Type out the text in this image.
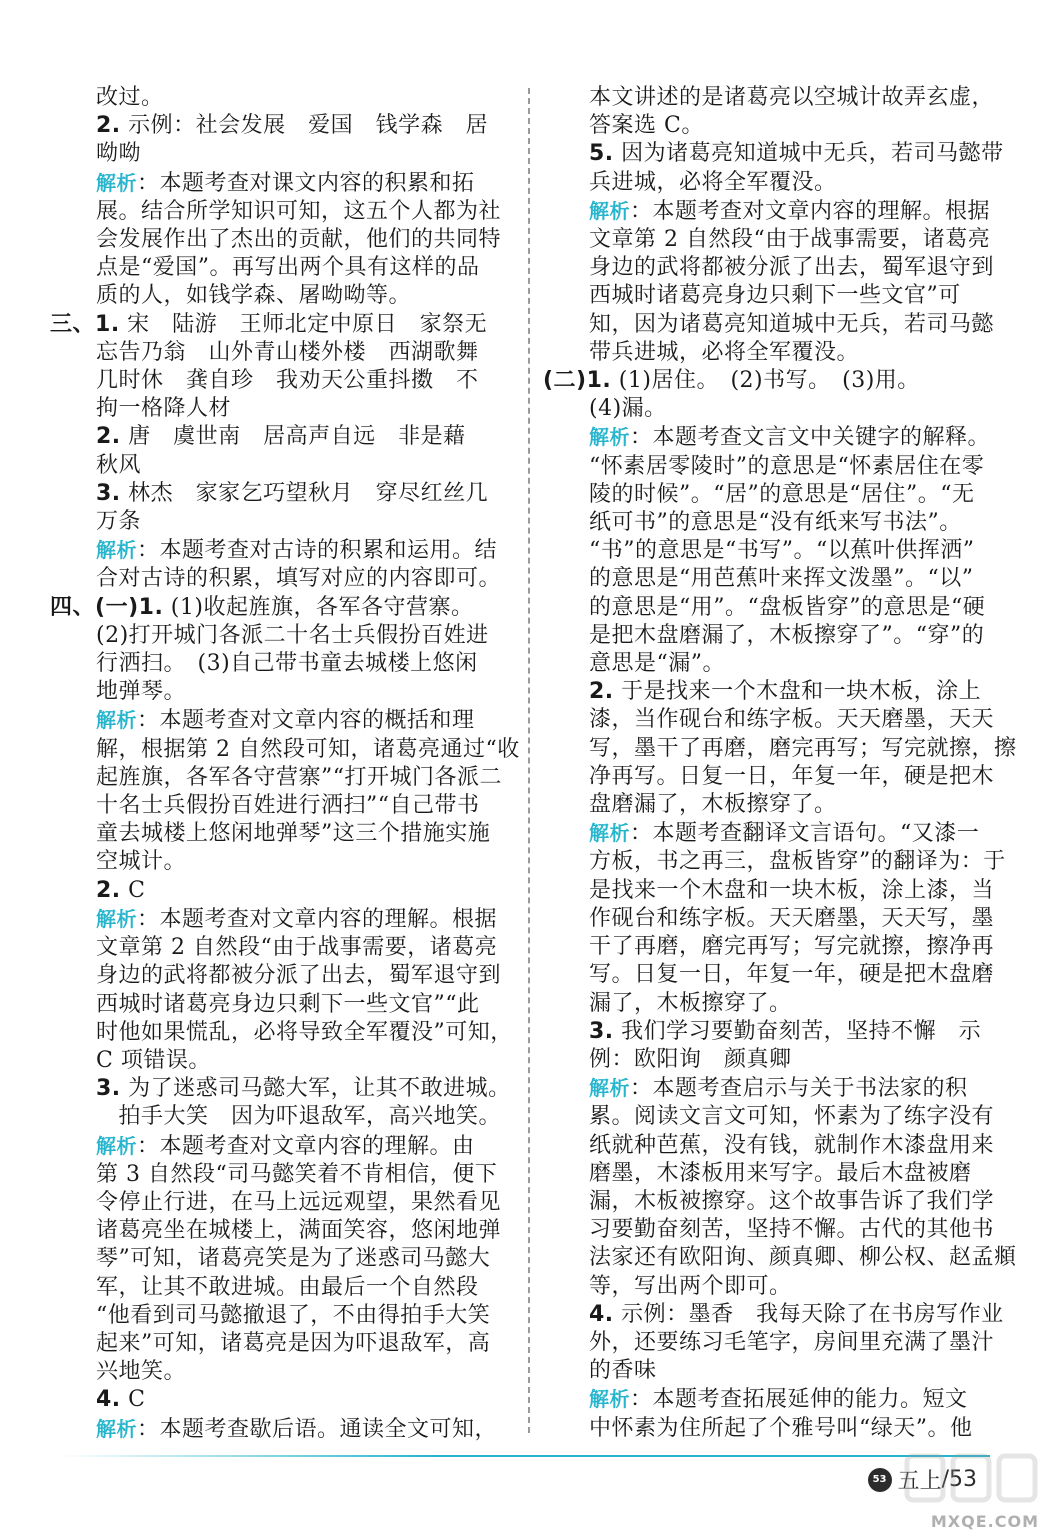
改过。
2. 示例：社会发展　爱国　钱学森　居
呦呦
解析：本题考查对课文内容的积累和拓
展。结合所学知识可知，这五个人都为社
会发展作出了杰出的贡献，他们的共同特
点是“爱国”。再写出两个具有这样的品
质的人，如钱学森、屠呦呦等。
三、1. 宋　陆游　王师北定中原日　家祭无
忘告乃翁　山外青山楼外楼　西湖歌舞
几时休　龚自珍　我劝天公重抖擞　不
拘一格降人材
2. 唐　虞世南　居高声自远　非是藉
秋风
3. 林杰　家家乞巧望秋月　穿尽红丝几
万条
解析：本题考查对古诗的积累和运用。结
合对古诗的积累，填写对应的内容即可。
四、(一)1. (1)收起旌旗，各军各守营寨。
(2)打开城门各派二十名士兵假扮百姓进
行洒扫。　(3)自己带书童去城楼上悠闲
地弹琴。
解析：本题考查对文章内容的概括和理
解，根据第 2 自然段可知，诸葛亮通过“收
起旌旗，各军各守营寨”“打开城门各派二
十名士兵假扮百姓进行洒扫”“自己带书
童去城楼上悠闲地弹琴”这三个措施实施
空城计。
2. C
解析：本题考查对文章内容的理解。根据
文章第 2 自然段“由于战事需要，诸葛亮
身边的武将都被分派了出去，蜀军退守到
西城时诸葛亮身边只剩下一些文官”“此
时他如果慌乱，必将导致全军覆没”可知，
C 项错误。
3. 为了迷惑司马懿大军，让其不敢进城。
　拍手大笑　因为吓退敌军，高兴地笑。
解析：本题考查对文章内容的理解。由
第 3 自然段“司马懿笑着不肯相信，便下
令停止行进，在马上远远观望，果然看见
诸葛亮坐在城楼上，满面笑容，悠闲地弹
琴”可知，诸葛亮笑是为了迷惑司马懿大
军，让其不敢进城。由最后一个自然段
“他看到司马懿撤退了，不由得拍手大笑
起来”可知，诸葛亮是因为吓退敌军，高
兴地笑。
4. C
解析：本题考查歇后语。通读全文可知，
本文讲述的是诸葛亮以空城计故弄玄虚，
答案选 C。
5. 因为诸葛亮知道城中无兵，若司马懿带
兵进城，必将全军覆没。
解析：本题考查对文章内容的理解。根据
文章第 2 自然段“由于战事需要，诸葛亮
身边的武将都被分派了出去，蜀军退守到
西城时诸葛亮身边只剩下一些文官”可
知，因为诸葛亮知道城中无兵，若司马懿
带兵进城，必将全军覆没。
(二)1. (1)居住。　(2)书写。　(3)用。
(4)漏。
解析：本题考查文言文中关键字的解释。
“怀素居零陵时”的意思是“怀素居住在零
陵的时候”。“居”的意思是“居住”。“无
纸可书”的意思是“没有纸来写书法”。
“书”的意思是“书写”。“以蕉叶供挥洒”
的意思是“用芭蕉叶来挥文泼墨”。“以”
的意思是“用”。“盘板皆穿”的意思是“硬
是把木盘磨漏了，木板擦穿了”。“穿”的
意思是“漏”。
2. 于是找来一个木盘和一块木板，涂上
漆，当作砚台和练字板。天天磨墨，天天
写，墨干了再磨，磨完再写；写完就擦，擦
净再写。日复一日，年复一年，硬是把木
盘磨漏了，木板擦穿了。
解析：本题考查翻译文言语句。“又漆一
方板，书之再三，盘板皆穿”的翻译为：于
是找来一个木盘和一块木板，涂上漆，当
作砚台和练字板。天天磨墨，天天写，墨
干了再磨，磨完再写；写完就擦，擦净再
写。日复一日，年复一年，硬是把木盘磨
漏了，木板擦穿了。
3. 我们学习要勤奋刻苦，坚持不懈　示
例：欧阳询　颜真卿
解析：本题考查启示与关于书法家的积
累。阅读文言文可知，怀素为了练字没有
纸就种芭蕉，没有钱，就制作木漆盘用来
磨墨，木漆板用来写字。最后木盘被磨
漏，木板被擦穿。这个故事告诉了我们学
习要勤奋刻苦，坚持不懈。古代的其他书
法家还有欧阳询、颜真卿、柳公权、赵孟頫
等，写出两个即可。
4. 示例：墨香　我每天除了在书房写作业
外，还要练习毛笔字，房间里充满了墨汁
的香味
解析：本题考查拓展延伸的能力。短文
中怀素为住所起了个雅号叫“绿天”。他
53 五上 / 53
MXQE.COM
